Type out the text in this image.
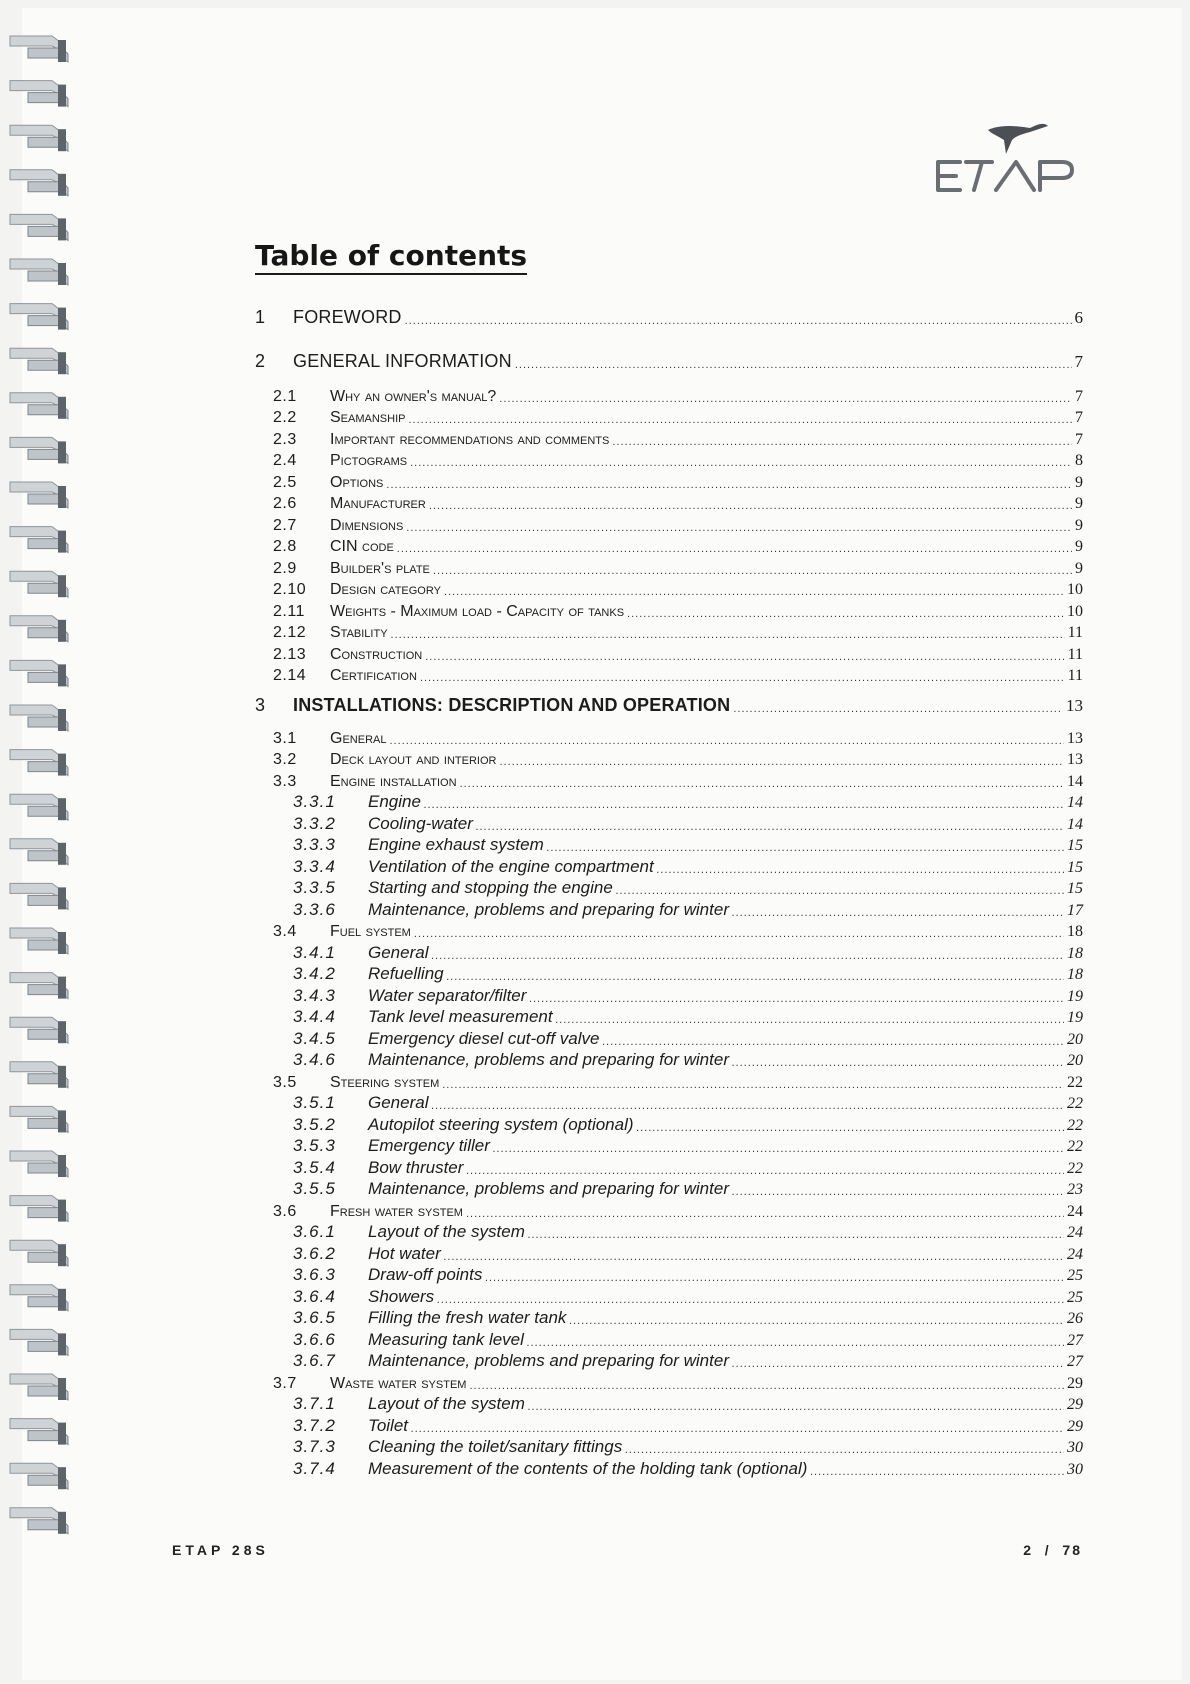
Table of contents
1	FOREWORD .....	6
2	GENERAL INFORMATION .....	7
2.1	Why an owner's manual? .....	7
2.2	Seamanship .....	7
2.3	Important recommendations and comments .....	7
2.4	Pictograms .....	8
2.5	Options .....	9
2.6	Manufacturer .....	9
2.7	Dimensions .....	9
2.8	CIN code .....	9
2.9	Builder's plate .....	9
2.10	Design category .....	10
2.11	Weights - Maximum load - Capacity of tanks .....	10
2.12	Stability .....	11
2.13	Construction .....	11
2.14	Certification .....	11
3	INSTALLATIONS: DESCRIPTION AND OPERATION .....	13
3.1	General .....	13
3.2	Deck layout and interior .....	13
3.3	Engine installation .....	14
3.3.1	Engine .....	14
3.3.2	Cooling-water .....	14
3.3.3	Engine exhaust system .....	15
3.3.4	Ventilation of the engine compartment .....	15
3.3.5	Starting and stopping the engine .....	15
3.3.6	Maintenance, problems and preparing for winter .....	17
3.4	Fuel system .....	18
3.4.1	General .....	18
3.4.2	Refuelling .....	18
3.4.3	Water separator/filter .....	19
3.4.4	Tank level measurement .....	19
3.4.5	Emergency diesel cut-off valve .....	20
3.4.6	Maintenance, problems and preparing for winter .....	20
3.5	Steering system .....	22
3.5.1	General .....	22
3.5.2	Autopilot steering system (optional) .....	22
3.5.3	Emergency tiller .....	22
3.5.4	Bow thruster .....	22
3.5.5	Maintenance, problems and preparing for winter .....	23
3.6	Fresh water system .....	24
3.6.1	Layout of the system .....	24
3.6.2	Hot water .....	24
3.6.3	Draw-off points .....	25
3.6.4	Showers .....	25
3.6.5	Filling the fresh water tank .....	26
3.6.6	Measuring tank level .....	27
3.6.7	Maintenance, problems and preparing for winter .....	27
3.7	Waste water system .....	29
3.7.1	Layout of the system .....	29
3.7.2	Toilet .....	29
3.7.3	Cleaning the toilet/sanitary fittings .....	30
3.7.4	Measurement of the contents of the holding tank (optional) .....	30
ETAP 28S	2  /  78
